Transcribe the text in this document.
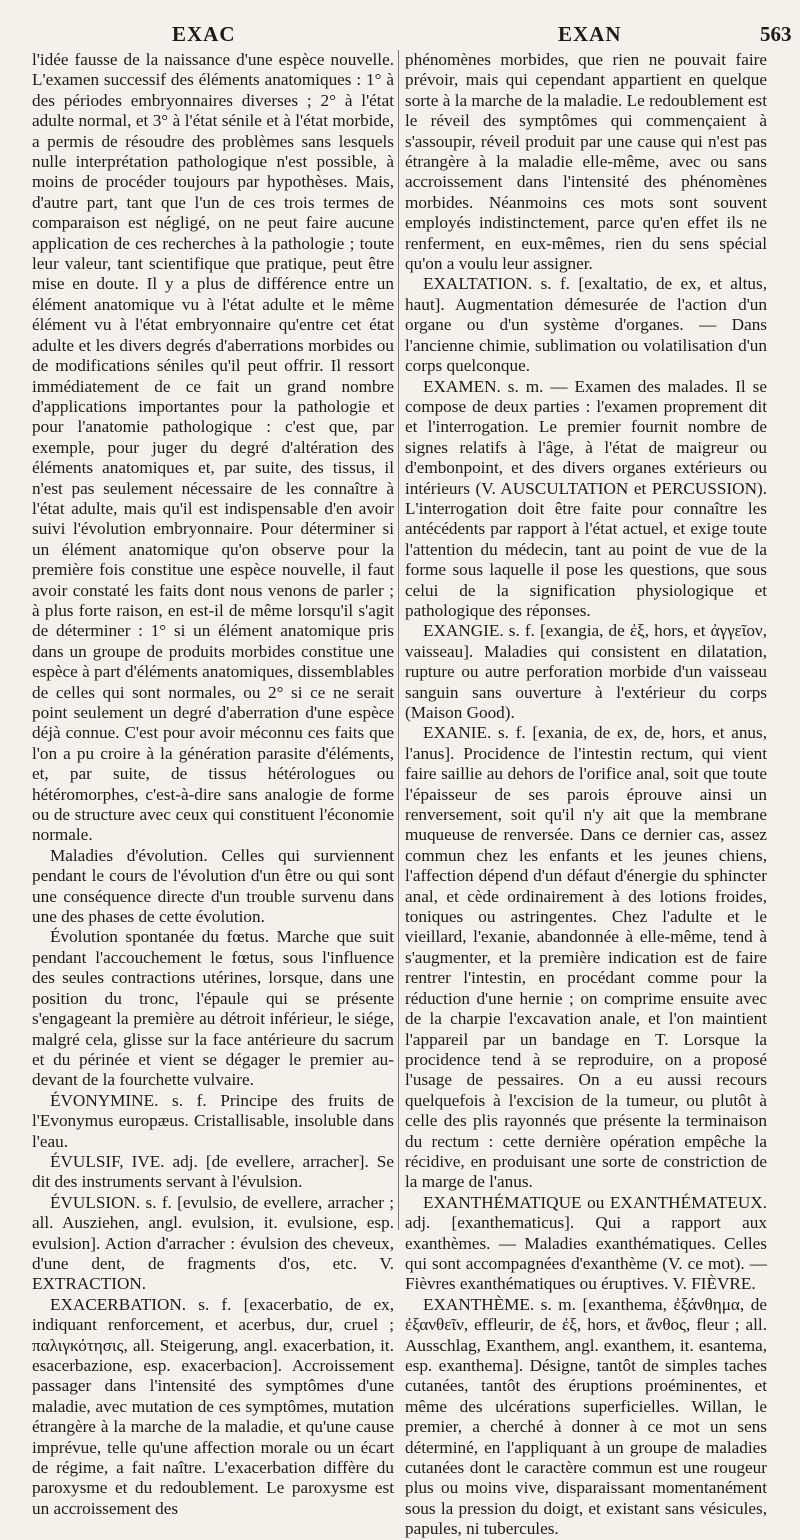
EXAC	EXAN	563

l'idée fausse de la naissance d'une espèce nouvelle. L'examen successif des éléments anatomiques : 1° à des périodes embryonnaires diverses ; 2° à l'état adulte normal, et 3° à l'état sénile et à l'état morbide, a permis de résoudre des problèmes sans lesquels nulle interprétation pathologique n'est possible, à moins de procéder toujours par hypothèses. Mais, d'autre part, tant que l'un de ces trois termes de comparaison est négligé, on ne peut faire aucune application de ces recherches à la pathologie ; toute leur valeur, tant scientifique que pratique, peut être mise en doute. Il y a plus de différence entre un élément anatomique vu à l'état adulte et le même élément vu à l'état embryonnaire qu'entre cet état adulte et les divers degrés d'aberrations morbides ou de modifications séniles qu'il peut offrir. Il ressort immédiatement de ce fait un grand nombre d'applications importantes pour la pathologie et pour l'anatomie pathologique : c'est que, par exemple, pour juger du degré d'altération des éléments anatomiques et, par suite, des tissus, il n'est pas seulement nécessaire de les connaître à l'état adulte, mais qu'il est indispensable d'en avoir suivi l'évolution embryonnaire. Pour déterminer si un élément anatomique qu'on observe pour la première fois constitue une espèce nouvelle, il faut avoir constaté les faits dont nous venons de parler ; à plus forte raison, en est-il de même lorsqu'il s'agit de déterminer : 1° si un élément anatomique pris dans un groupe de produits morbides constitue une espèce à part d'éléments anatomiques, dissemblables de celles qui sont normales, ou 2° si ce ne serait point seulement un degré d'aberration d'une espèce déjà connue. C'est pour avoir méconnu ces faits que l'on a pu croire à la génération parasite d'éléments, et, par suite, de tissus hétérologues ou hétéromorphes, c'est-à-dire sans analogie de forme ou de structure avec ceux qui constituent l'économie normale.

Maladies d'évolution. Celles qui surviennent pendant le cours de l'évolution d'un être ou qui sont une conséquence directe d'un trouble survenu dans une des phases de cette évolution.

Évolution spontanée du fœtus. Marche que suit pendant l'accouchement le fœtus, sous l'influence des seules contractions utérines, lorsque, dans une position du tronc, l'épaule qui se présente s'engageant la première au détroit inférieur, le siége, malgré cela, glisse sur la face antérieure du sacrum et du périnée et vient se dégager le premier au-devant de la fourchette vulvaire.

ÉVONYMINE. s. f. Principe des fruits de l'Evonymus europæus. Cristallisable, insoluble dans l'eau.

ÉVULSIF, IVE. adj. [de evellere, arracher]. Se dit des instruments servant à l'évulsion.

ÉVULSION. s. f. [evulsio, de evellere, arracher ; all. Ausziehen, angl. evulsion, it. evulsione, esp. evulsion]. Action d'arracher : évulsion des cheveux, d'une dent, de fragments d'os, etc. V. EXTRACTION.

EXACERBATION. s. f. [exacerbatio, de ex, indiquant renforcement, et acerbus, dur, cruel ; παλιγκότησις, all. Steigerung, angl. exacerbation, it. esacerbazione, esp. exacerbacion]. Accroissement passager dans l'intensité des symptômes d'une maladie, avec mutation de ces symptômes, mutation étrangère à la marche de la maladie, et qu'une cause imprévue, telle qu'une affection morale ou un écart de régime, a fait naître. L'exacerbation diffère du paroxysme et du redoublement. Le paroxysme est un accroissement des

phénomènes morbides, que rien ne pouvait faire prévoir, mais qui cependant appartient en quelque sorte à la marche de la maladie. Le redoublement est le réveil des symptômes qui commençaient à s'assoupir, réveil produit par une cause qui n'est pas étrangère à la maladie elle-même, avec ou sans accroissement dans l'intensité des phénomènes morbides. Néanmoins ces mots sont souvent employés indistinctement, parce qu'en effet ils ne renferment, en eux-mêmes, rien du sens spécial qu'on a voulu leur assigner.

EXALTATION. s. f. [exaltatio, de ex, et altus, haut]. Augmentation démesurée de l'action d'un organe ou d'un système d'organes. — Dans l'ancienne chimie, sublimation ou volatilisation d'un corps quelconque.

EXAMEN. s. m. — Examen des malades. Il se compose de deux parties : l'examen proprement dit et l'interrogation. Le premier fournit nombre de signes relatifs à l'âge, à l'état de maigreur ou d'embonpoint, et des divers organes extérieurs ou intérieurs (V. AUSCULTATION et PERCUSSION). L'interrogation doit être faite pour connaître les antécédents par rapport à l'état actuel, et exige toute l'attention du médecin, tant au point de vue de la forme sous laquelle il pose les questions, que sous celui de la signification physiologique et pathologique des réponses.

EXANGIE. s. f. [exangia, de ἐξ, hors, et ἀγγεῖον, vaisseau]. Maladies qui consistent en dilatation, rupture ou autre perforation morbide d'un vaisseau sanguin sans ouverture à l'extérieur du corps (Maison Good).

EXANIE. s. f. [exania, de ex, de, hors, et anus, l'anus]. Procidence de l'intestin rectum, qui vient faire saillie au dehors de l'orifice anal, soit que toute l'épaisseur de ses parois éprouve ainsi un renversement, soit qu'il n'y ait que la membrane muqueuse de renversée. Dans ce dernier cas, assez commun chez les enfants et les jeunes chiens, l'affection dépend d'un défaut d'énergie du sphincter anal, et cède ordinairement à des lotions froides, toniques ou astringentes. Chez l'adulte et le vieillard, l'exanie, abandonnée à elle-même, tend à s'augmenter, et la première indication est de faire rentrer l'intestin, en procédant comme pour la réduction d'une hernie ; on comprime ensuite avec de la charpie l'excavation anale, et l'on maintient l'appareil par un bandage en T. Lorsque la procidence tend à se reproduire, on a proposé l'usage de pessaires. On a eu aussi recours quelquefois à l'excision de la tumeur, ou plutôt à celle des plis rayonnés que présente la terminaison du rectum : cette dernière opération empêche la récidive, en produisant une sorte de constriction de la marge de l'anus.

EXANTHÉMATIQUE ou EXANTHÉMATEUX. adj. [exanthematicus]. Qui a rapport aux exanthèmes. — Maladies exanthématiques. Celles qui sont accompagnées d'exanthème (V. ce mot). — Fièvres exanthématiques ou éruptives. V. FIÈVRE.

EXANTHÈME. s. m. [exanthema, ἐξάνθημα, de ἐξανθεῖν, effleurir, de ἐξ, hors, et ἄνθος, fleur ; all. Ausschlag, Exanthem, angl. exanthem, it. esantema, esp. exanthema]. Désigne, tantôt de simples taches cutanées, tantôt des éruptions proéminentes, et même des ulcérations superficielles. Willan, le premier, a cherché à donner à ce mot un sens déterminé, en l'appliquant à un groupe de maladies cutanées dont le caractère commun est une rougeur plus ou moins vive, disparaissant momentanément sous la pression du doigt, et existant sans vésicules, papules, ni tubercules.
